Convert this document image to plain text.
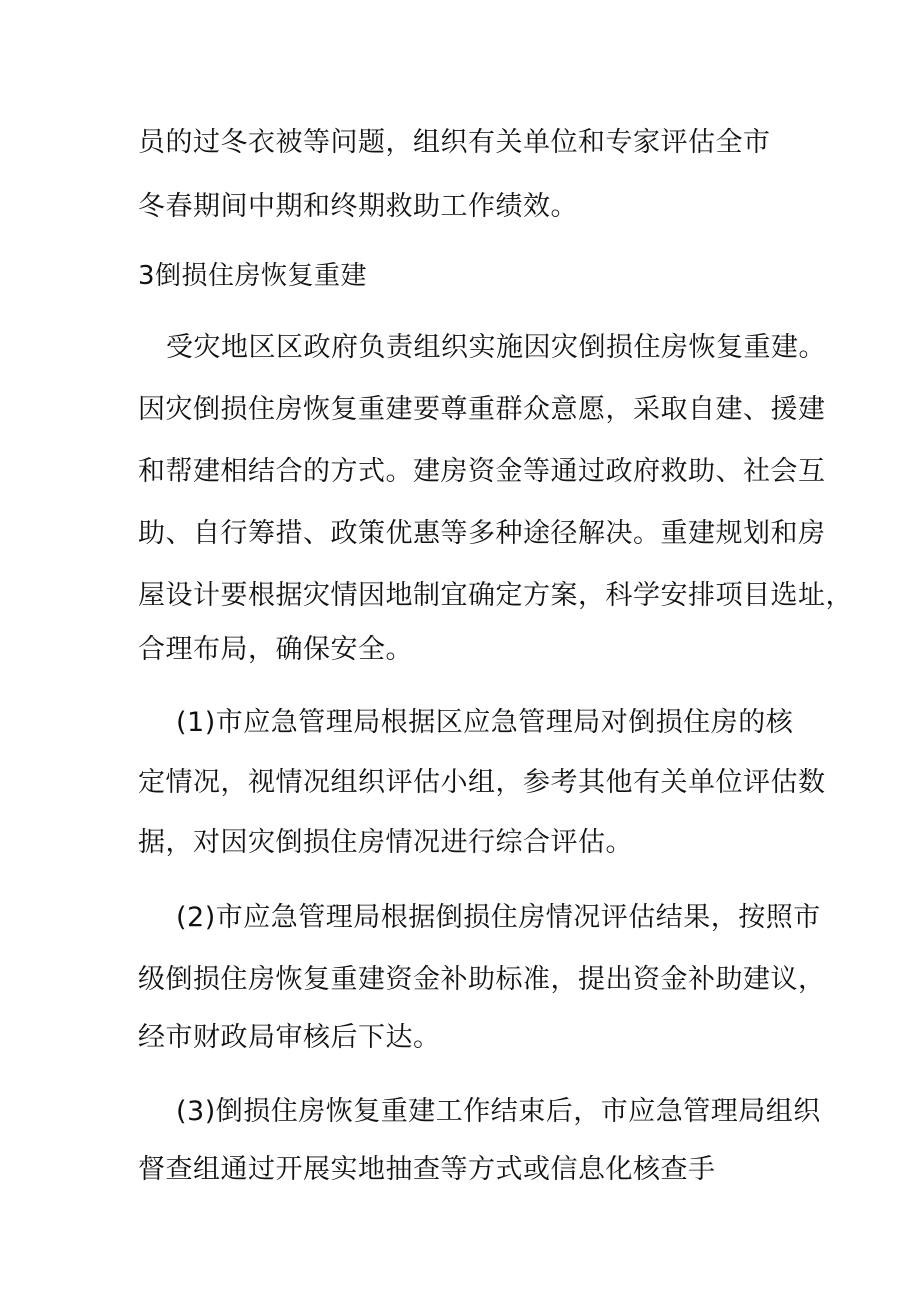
员的过冬衣被等问题，组织有关单位和专家评估全市
冬春期间中期和终期救助工作绩效。
3倒损住房恢复重建
受灾地区区政府负责组织实施因灾倒损住房恢复重建。
因灾倒损住房恢复重建要尊重群众意愿，采取自建、援建
和帮建相结合的方式。建房资金等通过政府救助、社会互
助、自行筹措、政策优惠等多种途径解决。重建规划和房
屋设计要根据灾情因地制宜确定方案，科学安排项目选址，
合理布局，确保安全。
(1)市应急管理局根据区应急管理局对倒损住房的核
定情况，视情况组织评估小组，参考其他有关单位评估数
据，对因灾倒损住房情况进行综合评估。
(2)市应急管理局根据倒损住房情况评估结果，按照市
级倒损住房恢复重建资金补助标准，提出资金补助建议，
经市财政局审核后下达。
(3)倒损住房恢复重建工作结束后，市应急管理局组织
督查组通过开展实地抽查等方式或信息化核查手
